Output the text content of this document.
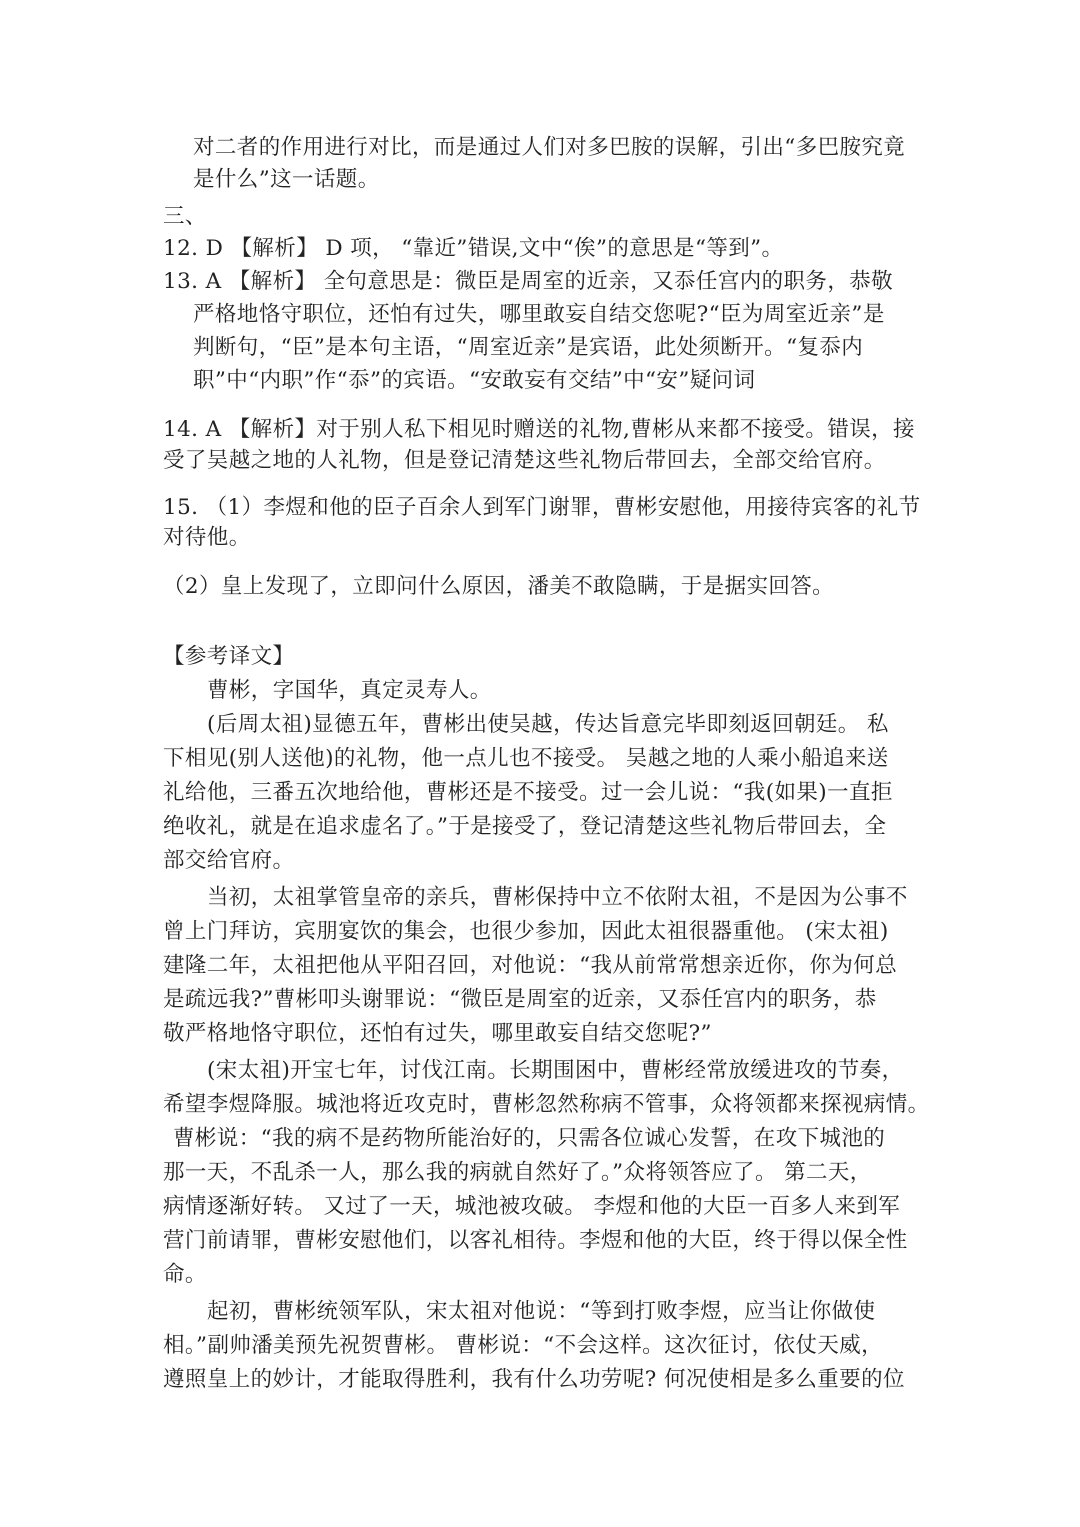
对二者的作用进行对比，而是通过人们对多巴胺的误解，引出“多巴胺究竟
是什么”这一话题。
三、
12. D 【解析】 D 项， “靠近”错误,文中“俟”的意思是“等到”。
13. A 【解析】 全句意思是：微臣是周室的近亲，又忝任宫内的职务，恭敬
严格地恪守职位，还怕有过失，哪里敢妄自结交您呢?“臣为周室近亲”是
判断句，“臣”是本句主语，“周室近亲”是宾语，此处须断开。“复忝内
职”中“内职”作“忝”的宾语。“安敢妄有交结”中“安”疑问词
14. A 【解析】对于别人私下相见时赠送的礼物,曹彬从来都不接受。错误，接
受了吴越之地的人礼物，但是登记清楚这些礼物后带回去，全部交给官府。
15. （1）李煜和他的臣子百余人到军门谢罪，曹彬安慰他，用接待宾客的礼节
对待他。
（2）皇上发现了，立即问什么原因，潘美不敢隐瞒，于是据实回答。
【参考译文】
曹彬，字国华，真定灵寿人。
(后周太祖)显德五年，曹彬出使吴越，传达旨意完毕即刻返回朝廷。 私
下相见(别人送他)的礼物，他一点儿也不接受。 吴越之地的人乘小船追来送
礼给他，三番五次地给他，曹彬还是不接受。过一会儿说：“我(如果)一直拒
绝收礼，就是在追求虚名了。”于是接受了，登记清楚这些礼物后带回去，全
部交给官府。
当初，太祖掌管皇帝的亲兵，曹彬保持中立不依附太祖，不是因为公事不
曾上门拜访，宾朋宴饮的集会，也很少参加，因此太祖很器重他。 (宋太祖)
建隆二年，太祖把他从平阳召回，对他说：“我从前常常想亲近你，你为何总
是疏远我?”曹彬叩头谢罪说：“微臣是周室的近亲，又忝任宫内的职务，恭
敬严格地恪守职位，还怕有过失，哪里敢妄自结交您呢?”
(宋太祖)开宝七年，讨伐江南。长期围困中，曹彬经常放缓进攻的节奏，
希望李煜降服。城池将近攻克时，曹彬忽然称病不管事，众将领都来探视病情。
曹彬说：“我的病不是药物所能治好的，只需各位诚心发誓，在攻下城池的
那一天，不乱杀一人，那么我的病就自然好了。”众将领答应了。 第二天，
病情逐渐好转。 又过了一天，城池被攻破。 李煜和他的大臣一百多人来到军
营门前请罪，曹彬安慰他们，以客礼相待。李煜和他的大臣，终于得以保全性
命。
起初，曹彬统领军队，宋太祖对他说：“等到打败李煜，应当让你做使
相。”副帅潘美预先祝贺曹彬。 曹彬说：“不会这样。这次征讨，依仗天威，
遵照皇上的妙计，才能取得胜利，我有什么功劳呢? 何况使相是多么重要的位
